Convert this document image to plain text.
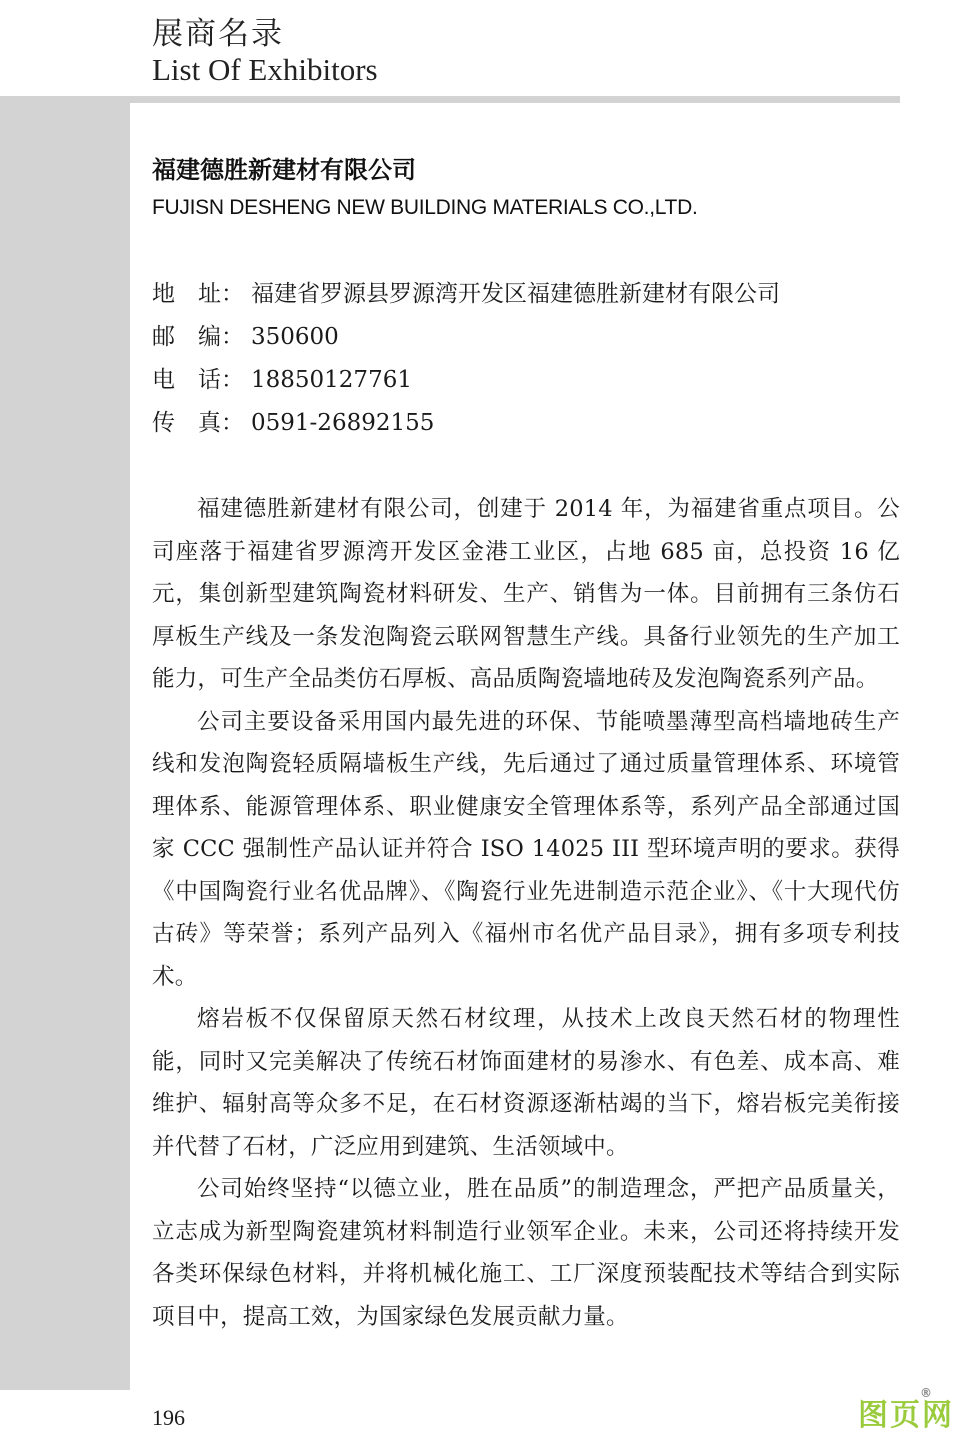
展商名录
List Of Exhibitors
福建德胜新建材有限公司
FUJISN DESHENG NEW BUILDING MATERIALS CO.,LTD.
地　址： 福建省罗源县罗源湾开发区福建德胜新建材有限公司
邮　编： 350600
电　话： 18850127761
传　真： 0591-26892155

福建德胜新建材有限公司，创建于 2014 年，为福建省重点项目。公司座落于福建省罗源湾开发区金港工业区，占地 685 亩，总投资 16 亿元，集创新型建筑陶瓷材料研发、生产、销售为一体。目前拥有三条仿石厚板生产线及一条发泡陶瓷云联网智慧生产线。具备行业领先的生产加工能力，可生产全品类仿石厚板、高品质陶瓷墙地砖及发泡陶瓷系列产品。

公司主要设备采用国内最先进的环保、节能喷墨薄型高档墙地砖生产线和发泡陶瓷轻质隔墙板生产线，先后通过了通过质量管理体系、环境管理体系、能源管理体系、职业健康安全管理体系等，系列产品全部通过国家 CCC 强制性产品认证并符合 ISO 14025 III 型环境声明的要求。获得《中国陶瓷行业名优品牌》、《陶瓷行业先进制造示范企业》、《十大现代仿古砖》等荣誉；系列产品列入《福州市名优产品目录》，拥有多项专利技术。

熔岩板不仅保留原天然石材纹理，从技术上改良天然石材的物理性能，同时又完美解决了传统石材饰面建材的易渗水、有色差、成本高、难维护、辐射高等众多不足，在石材资源逐渐枯竭的当下，熔岩板完美衔接并代替了石材，广泛应用到建筑、生活领域中。

公司始终坚持“以德立业，胜在品质”的制造理念，严把产品质量关，立志成为新型陶瓷建筑材料制造行业领军企业。未来，公司还将持续开发各类环保绿色材料，并将机械化施工、工厂深度预装配技术等结合到实际项目中，提高工效，为国家绿色发展贡献力量。

196	图页网
®
